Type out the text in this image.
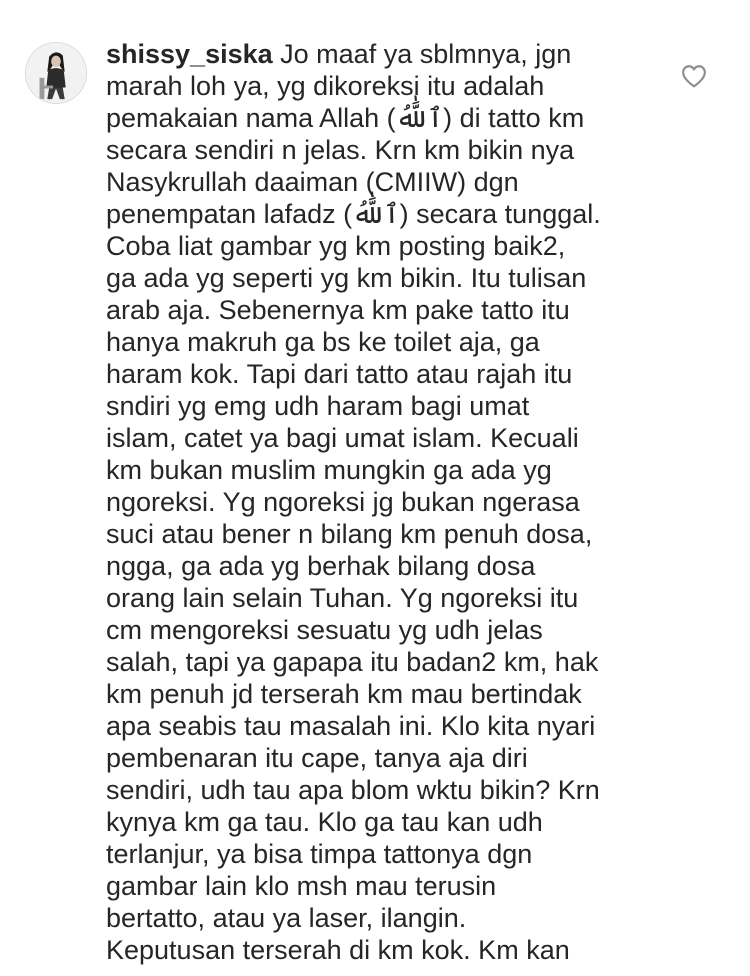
shissy_siska Jo maaf ya sblmnya, jgn
marah loh ya, yg dikoreksi itu adalah
pemakaian nama Allah (ٱللَّٰهُ) di tatto km
secara sendiri n jelas. Krn km bikin nya
Nasykrullah daaiman (CMIIW) dgn
penempatan lafadz (ٱللَّٰهُ) secara tunggal.
Coba liat gambar yg km posting baik2,
ga ada yg seperti yg km bikin. Itu tulisan
arab aja. Sebenernya km pake tatto itu
hanya makruh ga bs ke toilet aja, ga
haram kok. Tapi dari tatto atau rajah itu
sndiri yg emg udh haram bagi umat
islam, catet ya bagi umat islam. Kecuali
km bukan muslim mungkin ga ada yg
ngoreksi. Yg ngoreksi jg bukan ngerasa
suci atau bener n bilang km penuh dosa,
ngga, ga ada yg berhak bilang dosa
orang lain selain Tuhan. Yg ngoreksi itu
cm mengoreksi sesuatu yg udh jelas
salah, tapi ya gapapa itu badan2 km, hak
km penuh jd terserah km mau bertindak
apa seabis tau masalah ini. Klo kita nyari
pembenaran itu cape, tanya aja diri
sendiri, udh tau apa blom wktu bikin? Krn
kynya km ga tau. Klo ga tau kan udh
terlanjur, ya bisa timpa tattonya dgn
gambar lain klo msh mau terusin
bertatto, atau ya laser, ilangin.
Keputusan terserah di km kok. Km kan
